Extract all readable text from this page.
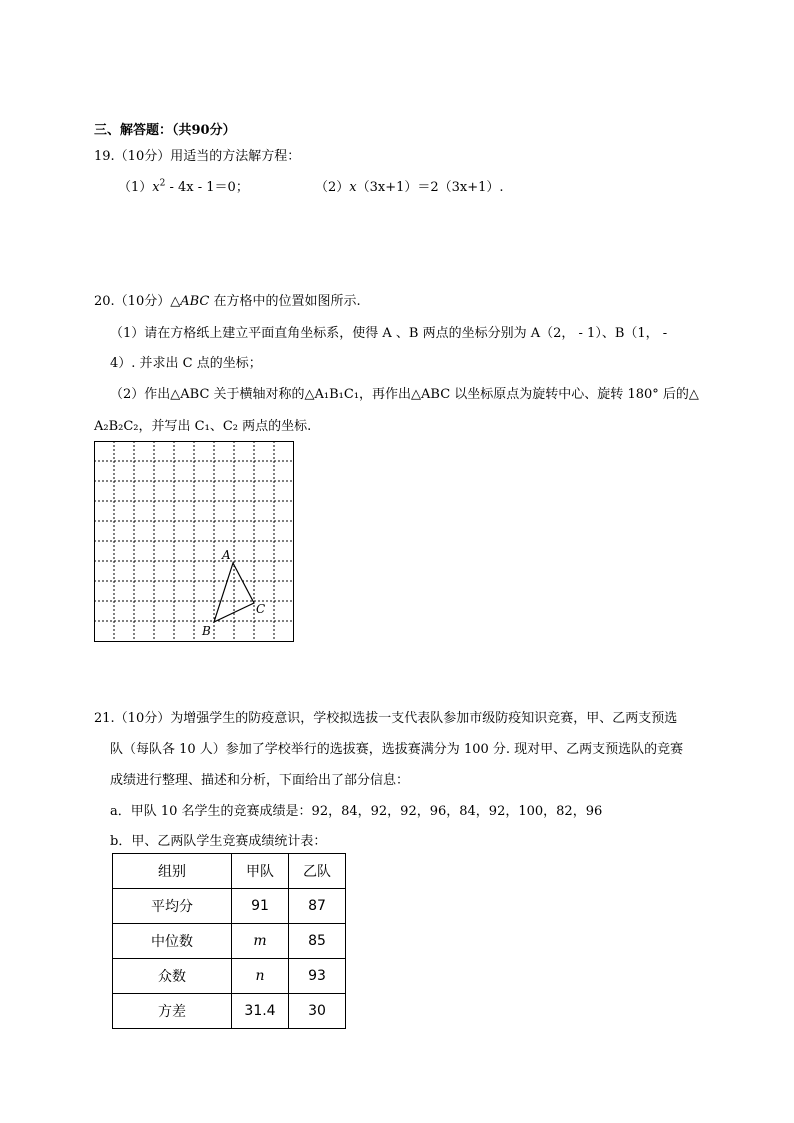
三、解答题：（共90分）
19.（10分）用适当的方法解方程：
$(1)x^2 - 4x - 1=0$；	（2）x（3x+1）＝2（3x+1）.
20.（10分）△ABC 在方格中的位置如图所示.
（1）请在方格纸上建立平面直角坐标系，使得 A 、B 两点的坐标分别为 A（2， - 1）、B（1， -
4）. 并求出 C 点的坐标；
（2）作出△ABC 关于横轴对称的△A₁B₁C₁，再作出△ABC 以坐标原点为旋转中心、旋转 180° 后的△
A₂B₂C₂，并写出 C₁、C₂ 两点的坐标.
A
B
C
21.（10分）为增强学生的防疫意识，学校拟选拔一支代表队参加市级防疫知识竞赛，甲、乙两支预选
队（每队各 10 人）参加了学校举行的选拔赛，选拔赛满分为 100 分. 现对甲、乙两支预选队的竞赛
成绩进行整理、描述和分析，下面给出了部分信息：
a．甲队 10 名学生的竞赛成绩是：92，84，92，92，96，84，92，100，82，96
b．甲、乙两队学生竞赛成绩统计表：
组别	甲队	乙队
平均分	91	87
中位数	m	85
众数	n	93
方差	31.4	30
